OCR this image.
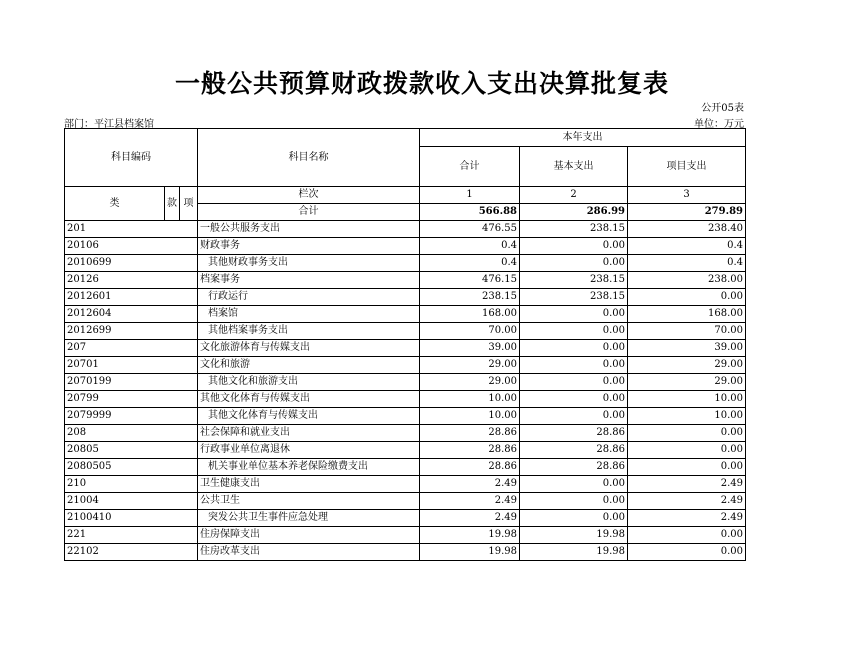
一般公共预算财政拨款收入支出决算批复表
公开05表
部门：平江县档案馆	单位：万元
科目编码			科目名称	本年支出		
				合计	基本支出	项目支出
类	款	项	栏次	1	2	3
			合计	566.88	286.99	279.89
201			一般公共服务支出	476.55	238.15	238.40
20106			财政事务	0.4	0.00	0.4
2010699			其他财政事务支出	0.4	0.00	0.4
20126			档案事务	476.15	238.15	238.00
2012601			行政运行	238.15	238.15	0.00
2012604			档案馆	168.00	0.00	168.00
2012699			其他档案事务支出	70.00	0.00	70.00
207			文化旅游体育与传媒支出	39.00	0.00	39.00
20701			文化和旅游	29.00	0.00	29.00
2070199			其他文化和旅游支出	29.00	0.00	29.00
20799			其他文化体育与传媒支出	10.00	0.00	10.00
2079999			其他文化体育与传媒支出	10.00	0.00	10.00
208			社会保障和就业支出	28.86	28.86	0.00
20805			行政事业单位离退休	28.86	28.86	0.00
2080505			机关事业单位基本养老保险缴费支出	28.86	28.86	0.00
210			卫生健康支出	2.49	0.00	2.49
21004			公共卫生	2.49	0.00	2.49
2100410			突发公共卫生事件应急处理	2.49	0.00	2.49
221			住房保障支出	19.98	19.98	0.00
22102			住房改革支出	19.98	19.98	0.00
